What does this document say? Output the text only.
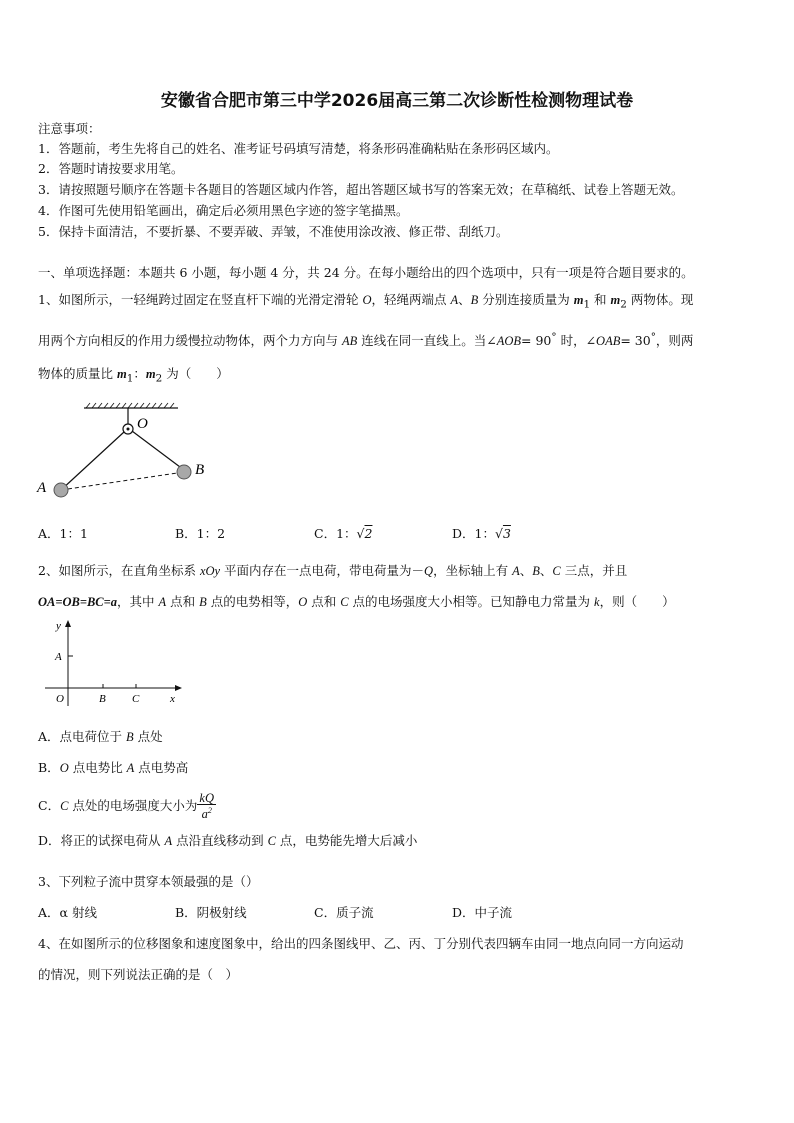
安徽省合肥市第三中学2026届高三第二次诊断性检测物理试卷
注意事项：
1．答题前，考生先将自己的姓名、准考证号码填写清楚，将条形码准确粘贴在条形码区域内。
2．答题时请按要求用笔。
3．请按照题号顺序在答题卡各题目的答题区域内作答，超出答题区域书写的答案无效；在草稿纸、试卷上答题无效。
4．作图可先使用铅笔画出，确定后必须用黑色字迹的签字笔描黑。
5．保持卡面清洁，不要折暴、不要弄破、弄皱，不准使用涂改液、修正带、刮纸刀。
一、单项选择题：本题共 6 小题，每小题 4 分，共 24 分。在每小题给出的四个选项中，只有一项是符合题目要求的。
1、如图所示，一轻绳跨过固定在竖直杆下端的光滑定滑轮 O，轻绳两端点 A、B 分别连接质量为 $m_1$ 和 $m_2$ 两物体。现
用两个方向相反的作用力缓慢拉动物体，两个力方向与 AB 连线在同一直线上。当∠AOB= 90° 时，∠OAB= 30°，则两
物体的质量比 $m_1$：$m_2$ 为（　　）
O
A
B
A．1：1	B．1：2	C．1：√2	D．1：√3
2、如图所示，在直角坐标系 xOy 平面内存在一点电荷，带电荷量为－Q，坐标轴上有 A、B、C 三点，并且
OA=OB=BC=a，其中 A 点和 B 点的电势相等，O 点和 C 点的电场强度大小相等。已知静电力常量为 k，则（　　）
y
A
O	B C	x
A．点电荷位于 B 点处
B．O 点电势比 A 点电势高
C．C 点处的电场强度大小为 $\frac{kQ}{a^2}$
D．将正的试探电荷从 A 点沿直线移动到 C 点，电势能先增大后减小
3、下列粒子流中贯穿本领最强的是（）
A．α 射线	B．阴极射线	C．质子流	D．中子流
4、在如图所示的位移图象和速度图象中，给出的四条图线甲、乙、丙、丁分别代表四辆车由同一地点向同一方向运动
的情况，则下列说法正确的是（　）
